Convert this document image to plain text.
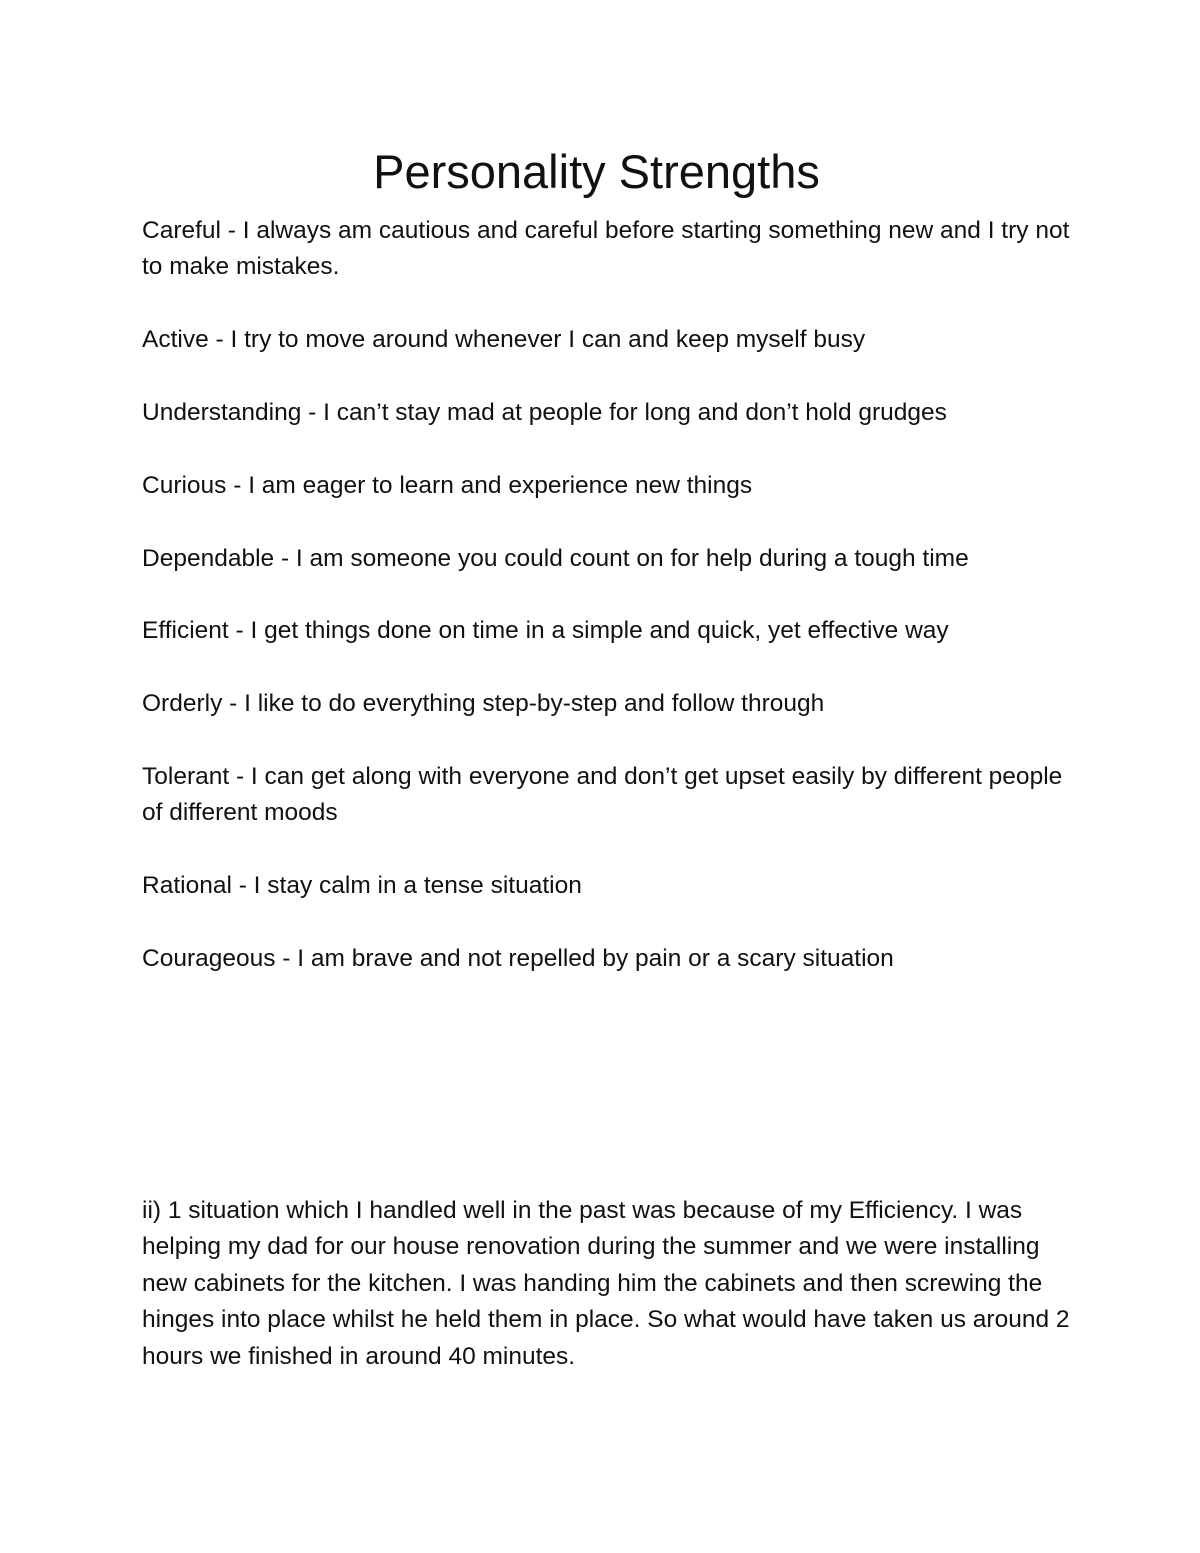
Personality Strengths

Careful - I always am cautious and careful before starting something new and I try not to make mistakes.

Active - I try to move around whenever I can and keep myself busy

Understanding - I can’t stay mad at people for long and don’t hold grudges

Curious - I am eager to learn and experience new things

Dependable - I am someone you could count on for help during a tough time

Efficient - I get things done on time in a simple and quick, yet effective way

Orderly - I like to do everything step-by-step and follow through

Tolerant - I can get along with everyone and don’t get upset easily by different people of different moods

Rational - I stay calm in a tense situation

Courageous - I am brave and not repelled by pain or a scary situation

ii) 1 situation which I handled well in the past was because of my Efficiency. I was helping my dad for our house renovation during the summer and we were installing new cabinets for the kitchen. I was handing him the cabinets and then screwing the hinges into place whilst he held them in place. So what would have taken us around 2 hours we finished in around 40 minutes.
